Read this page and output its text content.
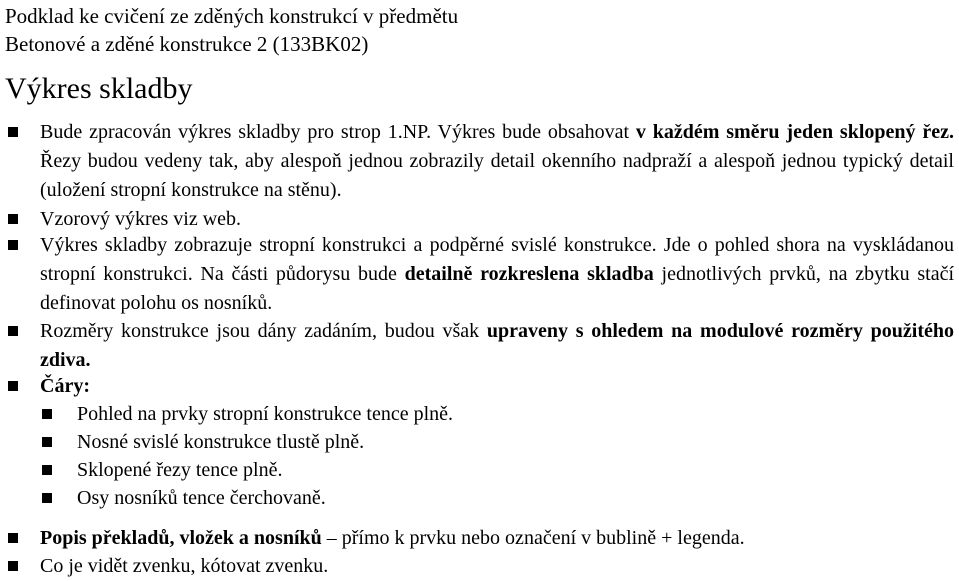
Podklad ke cvičení ze zděných konstrukcí v předmětu
Betonové a zděné konstrukce 2 (133BK02)
Výkres skladby
Bude zpracován výkres skladby pro strop 1.NP. Výkres bude obsahovat v každém směru jeden sklopený řez. Řezy budou vedeny tak, aby alespoň jednou zobrazily detail okenního nadpraží a alespoň jednou typický detail (uložení stropní konstrukce na stěnu).
Vzorový výkres viz web.
Výkres skladby zobrazuje stropní konstrukci a podpěrné svislé konstrukce. Jde o pohled shora na vyskládanou stropní konstrukci. Na části půdorysu bude detailně rozkreslena skladba jednotlivých prvků, na zbytku stačí definovat polohu os nosníků.
Rozměry konstrukce jsou dány zadáním, budou však upraveny s ohledem na modulové rozměry použitého zdiva.
Čáry:
Pohled na prvky stropní konstrukce tence plně.
Nosné svislé konstrukce tlustě plně.
Sklopené řezy tence plně.
Osy nosníků tence čerchovaně.
Popis překladů, vložek a nosníků – přímo k prvku nebo označení v bublině + legenda.
Co je vidět zvenku, kótovat zvenku.
